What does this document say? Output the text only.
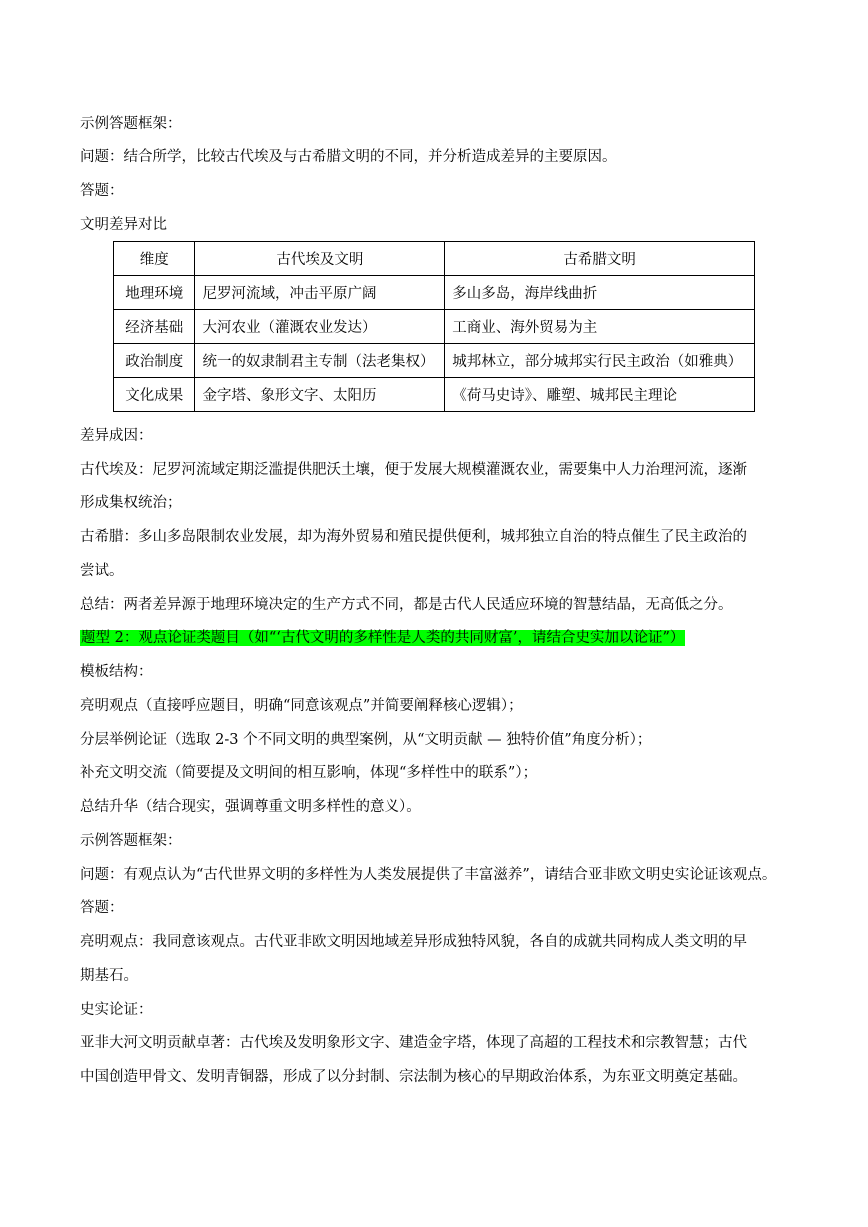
示例答题框架：
问题：结合所学，比较古代埃及与古希腊文明的不同，并分析造成差异的主要原因。
答题：
文明差异对比
维度	古代埃及文明	古希腊文明
地理环境	尼罗河流域，冲击平原广阔	多山多岛，海岸线曲折
经济基础	大河农业（灌溉农业发达）	工商业、海外贸易为主
政治制度	统一的奴隶制君主专制（法老集权）	城邦林立，部分城邦实行民主政治（如雅典）
文化成果	金字塔、象形文字、太阳历	《荷马史诗》、雕塑、城邦民主理论
差异成因：
古代埃及：尼罗河流域定期泛滥提供肥沃土壤，便于发展大规模灌溉农业，需要集中人力治理河流，逐渐
形成集权统治；
古希腊：多山多岛限制农业发展，却为海外贸易和殖民提供便利，城邦独立自治的特点催生了民主政治的
尝试。
总结：两者差异源于地理环境决定的生产方式不同，都是古代人民适应环境的智慧结晶，无高低之分。
题型 2：观点论证类题目（如“‘古代文明的多样性是人类的共同财富’，请结合史实加以论证”）
模板结构：
亮明观点（直接呼应题目，明确“同意该观点”并简要阐释核心逻辑）；
分层举例论证（选取 2-3 个不同文明的典型案例，从“文明贡献 — 独特价值”角度分析）；
补充文明交流（简要提及文明间的相互影响，体现“多样性中的联系”）；
总结升华（结合现实，强调尊重文明多样性的意义）。
示例答题框架：
问题：有观点认为“古代世界文明的多样性为人类发展提供了丰富滋养”，请结合亚非欧文明史实论证该观点。
答题：
亮明观点：我同意该观点。古代亚非欧文明因地域差异形成独特风貌，各自的成就共同构成人类文明的早
期基石。
史实论证：
亚非大河文明贡献卓著：古代埃及发明象形文字、建造金字塔，体现了高超的工程技术和宗教智慧；古代
中国创造甲骨文、发明青铜器，形成了以分封制、宗法制为核心的早期政治体系，为东亚文明奠定基础。
